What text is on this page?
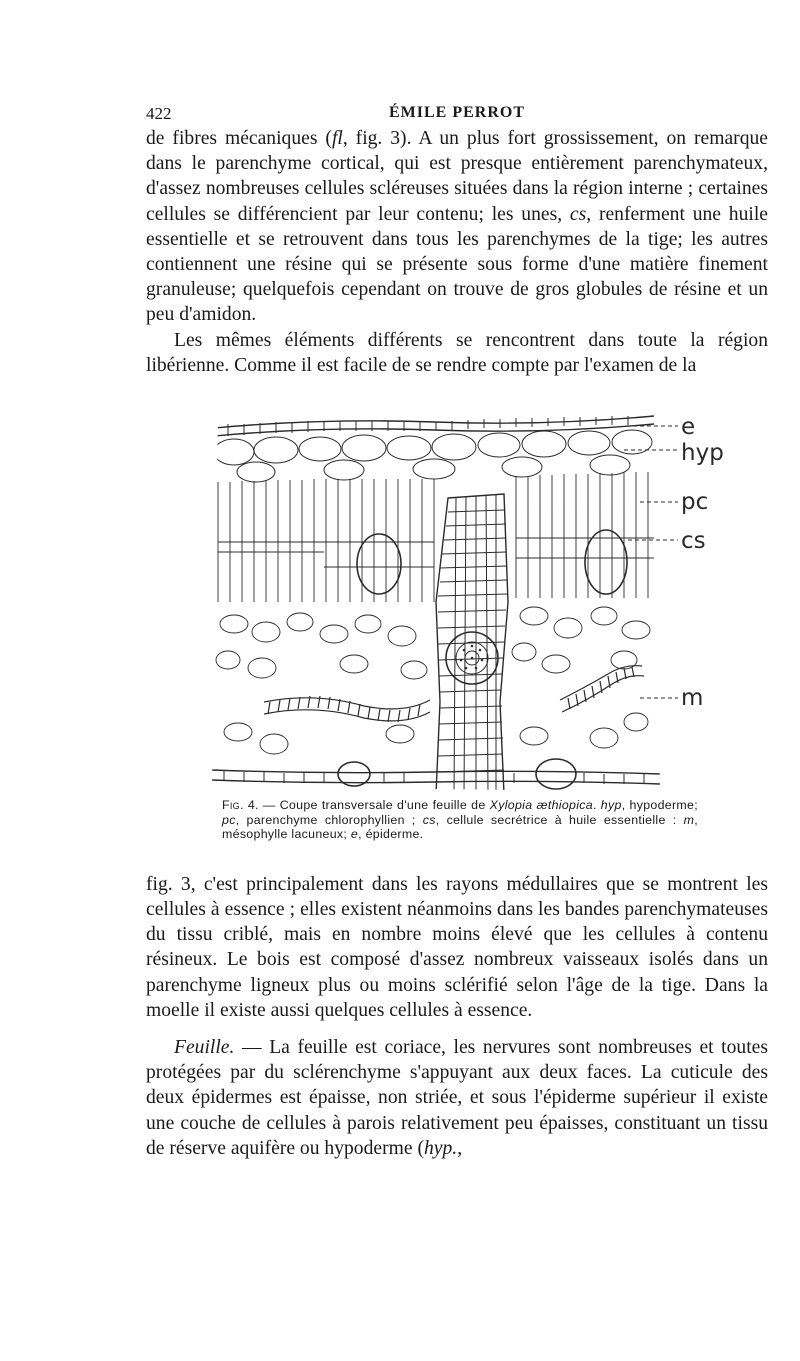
422	ÉMILE PERROT

de fibres mécaniques (fl, fig. 3). A un plus fort grossissement, on remarque dans le parenchyme cortical, qui est presque entièrement parenchymateux, d'assez nombreuses cellules scléreuses situées dans la région interne ; certaines cellules se différencient par leur contenu; les unes, cs, renferment une huile essentielle et se retrouvent dans tous les parenchymes de la tige; les autres contiennent une résine qui se présente sous forme d'une matière finement granuleuse; quelquefois cependant on trouve de gros globules de résine et un peu d'amidon.

Les mêmes éléments différents se rencontrent dans toute la région libérienne. Comme il est facile de se rendre compte par l'examen de la

e
hyp
pc
cs
m

Fig. 4. — Coupe transversale d'une feuille de Xylopia æthiopica. hyp, hypoderme; pc, parenchyme chlorophyllien ; cs, cellule secrétrice à huile essentielle : m, mésophylle lacuneux; e, épiderme.

fig. 3, c'est principalement dans les rayons médullaires que se montrent les cellules à essence ; elles existent néanmoins dans les bandes parenchymateuses du tissu criblé, mais en nombre moins élevé que les cellules à contenu résineux. Le bois est composé d'assez nombreux vaisseaux isolés dans un parenchyme ligneux plus ou moins sclérifié selon l'âge de la tige. Dans la moelle il existe aussi quelques cellules à essence.

Feuille. — La feuille est coriace, les nervures sont nombreuses et toutes protégées par du sclérenchyme s'appuyant aux deux faces. La cuticule des deux épidermes est épaisse, non striée, et sous l'épiderme supérieur il existe une couche de cellules à parois relativement peu épaisses, constituant un tissu de réserve aquifère ou hypoderme (hyp.,
